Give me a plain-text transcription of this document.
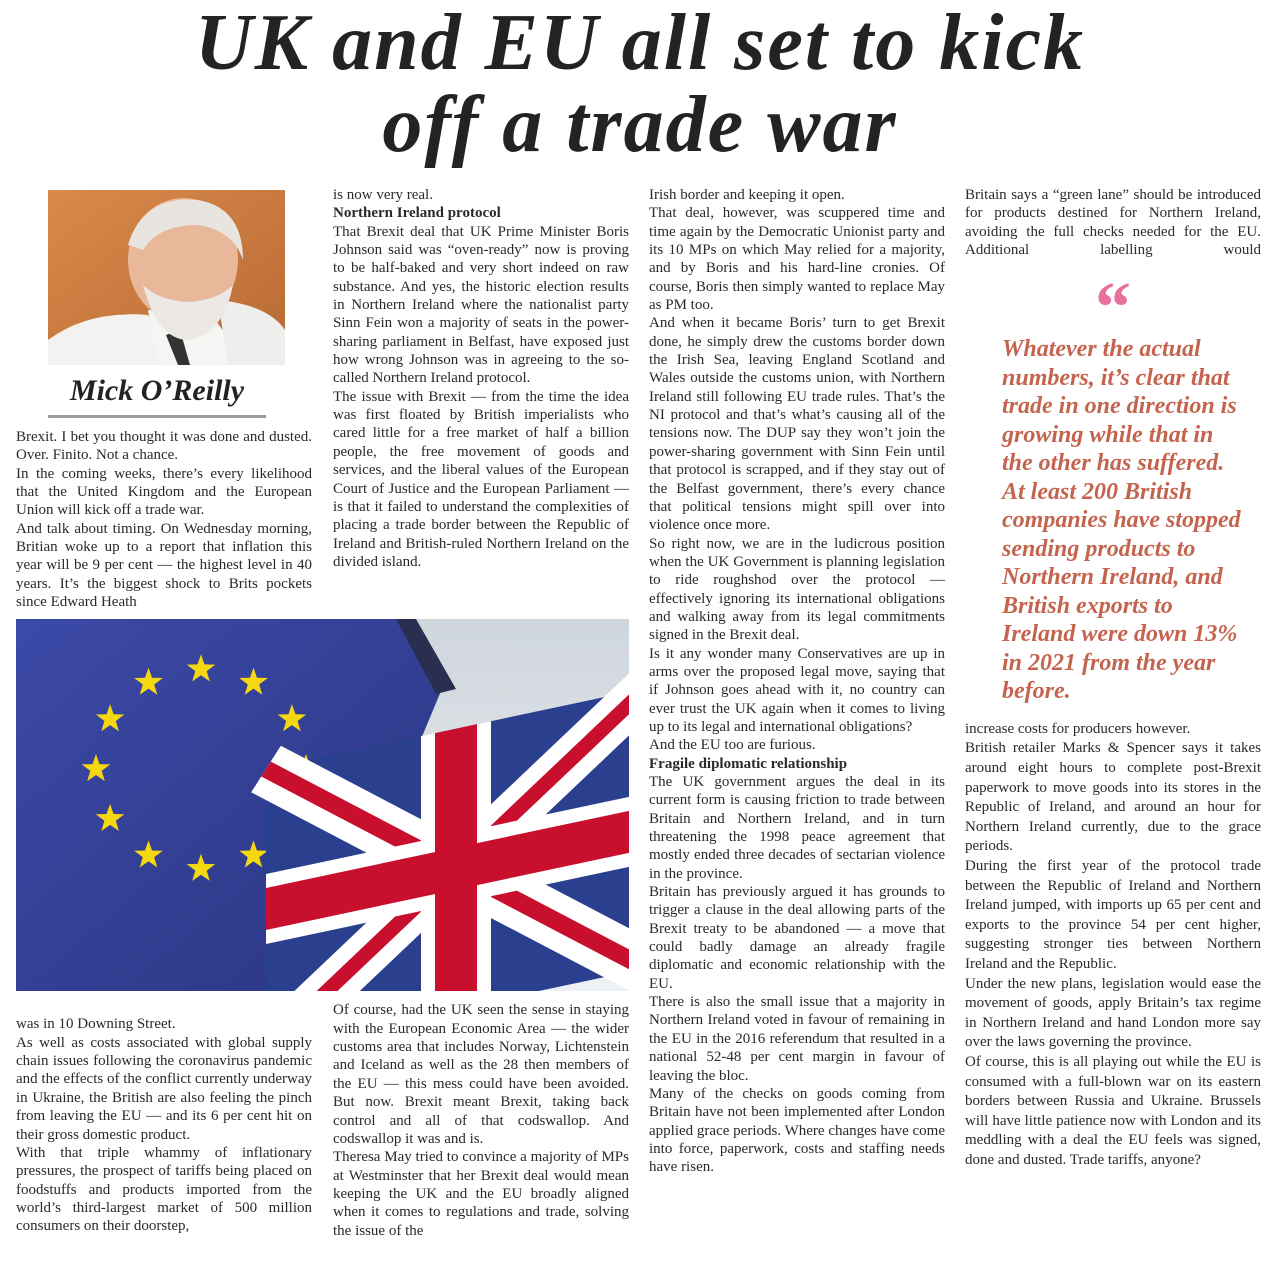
UK and EU all set to kick
off a trade war
Mick O’Reilly

Brexit. I bet you thought it was done and dusted. Over. Finito. Not a chance.

In the coming weeks, there’s every likelihood that the United Kingdom and the European Union will kick off a trade war.

And talk about timing. On Wednesday morning, Britian woke up to a report that inflation this year will be 9 per cent — the highest level in 40 years. It’s the biggest shock to Brits pockets since Edward Heath

is now very real.

Northern Ireland protocol

That Brexit deal that UK Prime Minister Boris Johnson said was “oven-ready” now is proving to be half-baked and very short indeed on raw substance. And yes, the historic election results in Northern Ireland where the nationalist party Sinn Fein won a majority of seats in the power-sharing parliament in Belfast, have exposed just how wrong Johnson was in agreeing to the so-called Northern Ireland protocol.

The issue with Brexit — from the time the idea was first floated by British imperialists who cared little for a free market of half a billion people, the free movement of goods and services, and the liberal values of the European Court of Justice and the European Parliament — is that it failed to understand the complexities of placing a trade border between the Republic of Ireland and British-ruled Northern Ireland on the divided island.

was in 10 Downing Street.

As well as costs associated with global supply chain issues following the coronavirus pandemic and the effects of the conflict currently underway in Ukraine, the British are also feeling the pinch from leaving the EU — and its 6 per cent hit on their gross domestic product.

With that triple whammy of inflationary pressures, the prospect of tariffs being placed on foodstuffs and products imported from the world’s third-largest market of 500 million consumers on their doorstep,

Of course, had the UK seen the sense in staying with the European Economic Area — the wider customs area that includes Norway, Lichtenstein and Iceland as well as the 28 then members of the EU — this mess could have been avoided. But now. Brexit meant Brexit, taking back control and all of that codswallop. And codswallop it was and is.

Theresa May tried to convince a majority of MPs at Westminster that her Brexit deal would mean keeping the UK and the EU broadly aligned when it comes to regulations and trade, solving the issue of the

Irish border and keeping it open.

That deal, however, was scuppered time and time again by the Democratic Unionist party and its 10 MPs on which May relied for a majority, and by Boris and his hard-line cronies. Of course, Boris then simply wanted to replace May as PM too.

And when it became Boris’ turn to get Brexit done, he simply drew the customs border down the Irish Sea, leaving England Scotland and Wales outside the customs union, with Northern Ireland still following EU trade rules. That’s the NI protocol and that’s what’s causing all of the tensions now. The DUP say they won’t join the power-sharing government with Sinn Fein until that protocol is scrapped, and if they stay out of the Belfast government, there’s every chance that political tensions might spill over into violence once more.

So right now, we are in the ludicrous position when the UK Government is planning legislation to ride roughshod over the protocol — effectively ignoring its international obligations and walking away from its legal commitments signed in the Brexit deal.

Is it any wonder many Conservatives are up in arms over the proposed legal move, saying that if Johnson goes ahead with it, no country can ever trust the UK again when it comes to living up to its legal and international obligations?

And the EU too are furious.

Fragile diplomatic relationship

The UK government argues the deal in its current form is causing friction to trade between Britain and Northern Ireland, and in turn threatening the 1998 peace agreement that mostly ended three decades of sectarian violence in the province.

Britain has previously argued it has grounds to trigger a clause in the deal allowing parts of the Brexit treaty to be abandoned — a move that could badly damage an already fragile diplomatic and economic relationship with the EU.

There is also the small issue that a majority in Northern Ireland voted in favour of remaining in the EU in the 2016 referendum that resulted in a national 52-48 per cent margin in favour of leaving the bloc.

Many of the checks on goods coming from Britain have not been implemented after London applied grace periods. Where changes have come into force, paperwork, costs and staffing needs have risen.

Britain says a “green lane” should be introduced for products destined for Northern Ireland, avoiding the full checks needed for the EU. Additional labelling would

“
Whatever the actual numbers, it’s clear that trade in one direction is growing while that in the other has suffered. At least 200 British companies have stopped sending products to Northern Ireland, and British exports to Ireland were down 13% in 2021 from the year before.

increase costs for producers however.

British retailer Marks & Spencer says it takes around eight hours to complete post-Brexit paperwork to move goods into its stores in the Republic of Ireland, and around an hour for Northern Ireland currently, due to the grace periods.

During the first year of the protocol trade between the Republic of Ireland and Northern Ireland jumped, with imports up 65 per cent and exports to the province 54 per cent higher, suggesting stronger ties between Northern Ireland and the Republic.

Under the new plans, legislation would ease the movement of goods, apply Britain’s tax regime in Northern Ireland and hand London more say over the laws governing the province.

Of course, this is all playing out while the EU is consumed with a full-blown war on its eastern borders between Russia and Ukraine. Brussels will have little patience now with London and its meddling with a deal the EU feels was signed, done and dusted. Trade tariffs, anyone?
